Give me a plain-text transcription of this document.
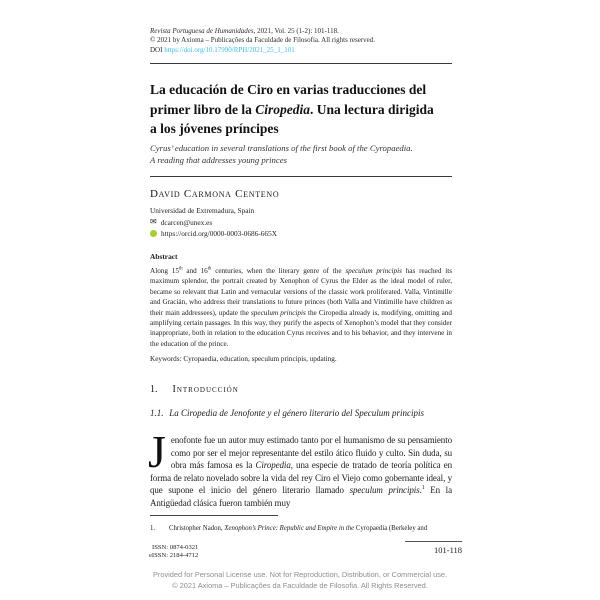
Revista Portuguesa de Humanidades, 2021, Vol. 25 (1-2): 101-118.
© 2021 by Axioma – Publicações da Faculdade de Filosofia. All rights reserved.
DOI https://doi.org/10.17990/RPH/2021_25_1_101
La educación de Ciro en varias traducciones del
primer libro de la Ciropedia. Una lectura dirigida
a los jóvenes príncipes
Cyrus’ education in several translations of the first book of the Cyropaedia.
A reading that addresses young princes
David Carmona Centeno
Universidad de Extremadura, Spain
✉ dcarcen@unex.es
https://orcid.org/0000-0003-0686-665X
Abstract

Along 15th and 16th centuries, when the literary genre of the speculum principis has reached its maximum splendor, the portrait created by Xenophon of Cyrus the Elder as the ideal model of ruler, became so relevant that Latin and vernacular versions of the classic work proliferated. Valla, Vintimille and Gracián, who address their translations to future princes (both Valla and Vintimille have children as their main addressees), update the speculum principis the Ciropedia already is, modifying, omitting and amplifying certain passages. In this way, they purify the aspects of Xenophon’s model that they consider inappropriate, both in relation to the education Cyrus receives and to his behavior, and they intervene in the education of the prince.

Keywords: Cyropaedia, education, speculum principis, updating.

1. Introducción
1.1. La Ciropedia de Jenofonte y el género literario del Speculum principis
Jenofonte fue un autor muy estimado tanto por el humanismo de su pensamiento como por ser el mejor representante del estilo ático fluido y culto. Sin duda, su obra más famosa es la Ciropedia, una especie de tratado de teoría política en forma de relato novelado sobre la vida del rey Ciro el Viejo como gobernante ideal, y que supone el inicio del género literario llamado speculum principis.$^1$ En la Antigüedad clásica fueron también muy
1. Christopher Nadon, Xenophon’s Prince: Republic and Empire in the Cyropaedia (Berkeley and
ISSN: 0874-0321
eISSN: 2184-4712
101-118
Provided for Personal License use. Not for Reproduction, Distribution, or Commercial use.
© 2021 Axioma – Publicações da Faculdade de Filosofia. All Rights Reserved.
